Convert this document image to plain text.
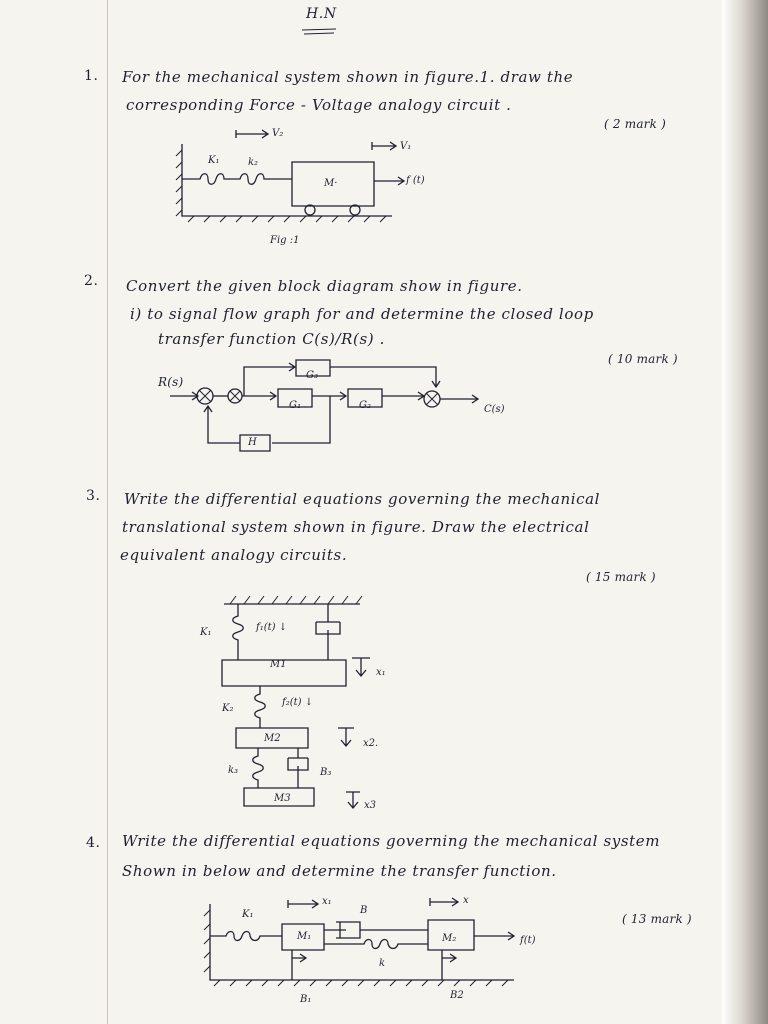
H.N
1. For the mechanical system shown in figure.1. draw the
corresponding Force - Voltage analogy circuit .
( 2 mark )
V₂
V₁
K₁	k₂
M·	f (t)
Fig :1
2. Convert the given block diagram show in figure.
i) to signal flow graph for and determine the closed loop
transfer function C(s)/R(s) .
( 10 mark )
R(s)
G₁	G₂
G₃
H
C(s)
3. Write the differential equations governing the mechanical
translational system shown in figure. Draw the electrical
equivalent analogy circuits.
( 15 mark )
K₁	f₁(t) ↓
M1
x₁
K₂
f₂(t) ↓
M2	x2.
k₃	B₃
M3
x3
4. Write the differential equations governing the mechanical system
Shown in below and determine the transfer function.
( 13 mark )
K₁
x₁
B
x
M₁	M₂	f(t)
k
B₁	B2
